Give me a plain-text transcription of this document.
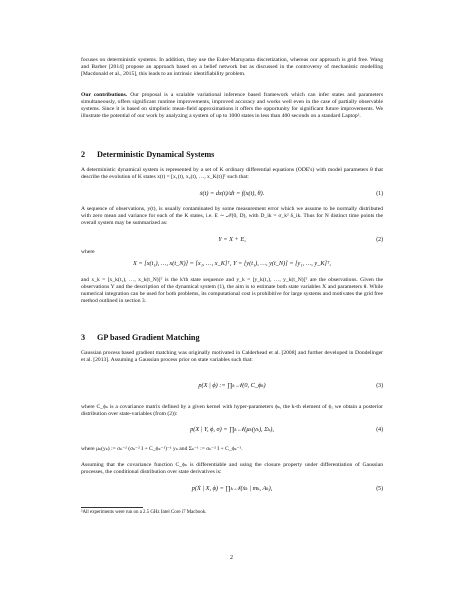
focuses on deterministic systems. In addition, they use the Euler-Maruyama discretization, whereas our approach is grid free. Wang and Barber [2014] propose an approach based on a belief network but as discussed in the controversy of mechanistic modelling [Macdonald et al., 2015], this leads to an intrinsic identifiability problem.

Our contributions. Our proposal is a scalable variational inference based framework which can infer states and parameters simultaneously, offers significant runtime improvements, improved accuracy and works well even in the case of partially observable systems. Since it is based on simplistic mean-field approximations it offers the opportunity for significant future improvements. We illustrate the potential of our work by analyzing a system of up to 1000 states in less than 400 seconds on a standard Laptop².

2 Deterministic Dynamical Systems

A deterministic dynamical system is represented by a set of K ordinary differential equations (ODE's) with model parameters θ that describe the evolution of K states x(t) = [x₁(t), x₂(t), …, x_K(t)]ᵀ such that:

ẋ(t) = dx(t)/dt = f(x(t), θ).	(1)

A sequence of observations, y(t), is usually contaminated by some measurement error which we assume to be normally distributed with zero mean and variance for each of the K states, i.e. E ∼ 𝒩(0, D), with D_ik = σ_k² δ_ik. Thus for N distinct time points the overall system may be summarized as:

Y = X + E,	(2)

where

X = [x(t₁), …, x(t_N)] = [x₁, …, x_K]ᵀ, Y = [y(t₁), …, y(t_N)] = [y₁, …, y_K]ᵀ,

and x_k = [x_k(t₁), …, x_k(t_N)]ᵀ is the k'th state sequence and y_k = [y_k(t₁), …, y_k(t_N)]ᵀ are the observations. Given the observations Y and the description of the dynamical system (1), the aim is to estimate both state variables X and parameters θ. While numerical integration can be used for both problems, its computational cost is prohibitive for large systems and motivates the grid free method outlined in section 3.

3 GP based Gradient Matching

Gaussian process based gradient matching was originally motivated in Calderhead et al. [2008] and further developed in Dondelinger et al. [2013]. Assuming a Gaussian process prior on state variables such that:

p(X | ϕ) := ∏ₖ 𝒩(0, C_ϕₖ)	(3)

where C_ϕₖ is a covariance matrix defined by a given kernel with hyper-parameters ϕₖ, the k-th element of ϕ, we obtain a posterior distribution over state-variables (from (2)):

p(X | Y, ϕ, σ) = ∏ₖ 𝒩(μₖ(yₖ), Σₖ),	(4)

where μₖ(yₖ) := σₖ⁻² (σₖ⁻² I + C_ϕₖ⁻¹)⁻¹ yₖ and Σₖ⁻¹ := σₖ⁻² I + C_ϕₖ⁻¹.

Assuming that the covariance function C_ϕₖ is differentiable and using the closure property under differentiation of Gaussian processes, the conditional distribution over state derivatives is:

p(Ẋ | X, ϕ) = ∏ₖ 𝒩(ẋₖ | mₖ, Aₖ),	(5)

²All experiments were run on a 2.5 GHz Intel Core i7 Macbook.

2
